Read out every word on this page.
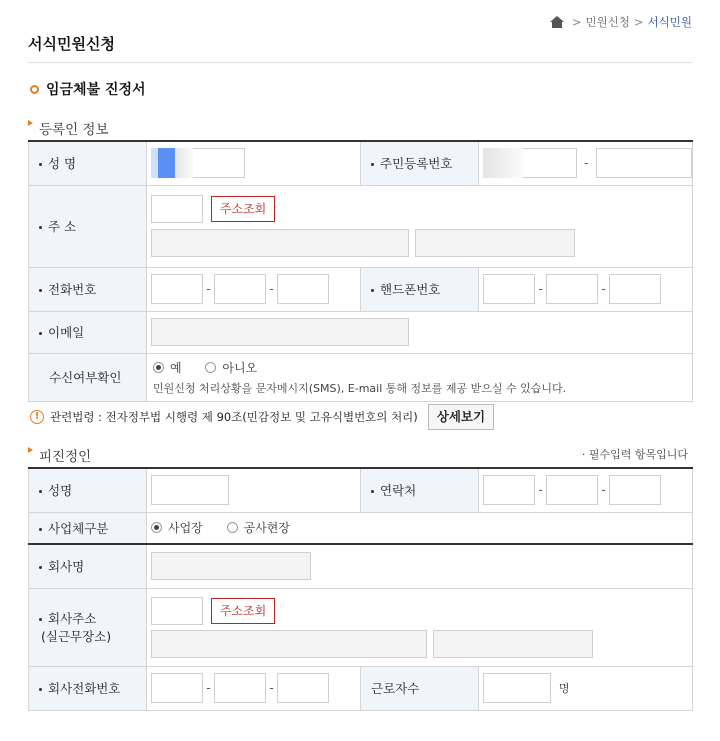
> 민원신청 > 서식민원
서식민원신청
임금체불 진정서
등록인 정보
성 명		주민등록번호	-
주 소	주소조회		

전화번호	- -	핸드폰번호	- -
이메일			
수신여부확인	예
아니오
민원신청 처리상황을 문자메시지(SMS), E-mail 통해 정보를 제공 받으실 수 있습니다.		
! 관련법령 : 전자정부법 시행령 제 90조(민감정보 및 고유식별번호의 처리)	상세보기
피진정인	· 필수입력 항목입니다
성명		연락처	- -
사업체구분	사업장
공사현장		

회사명			

회사주소
(실근무장소)	주소조회		

회사전화번호	- -	근로자수	명
